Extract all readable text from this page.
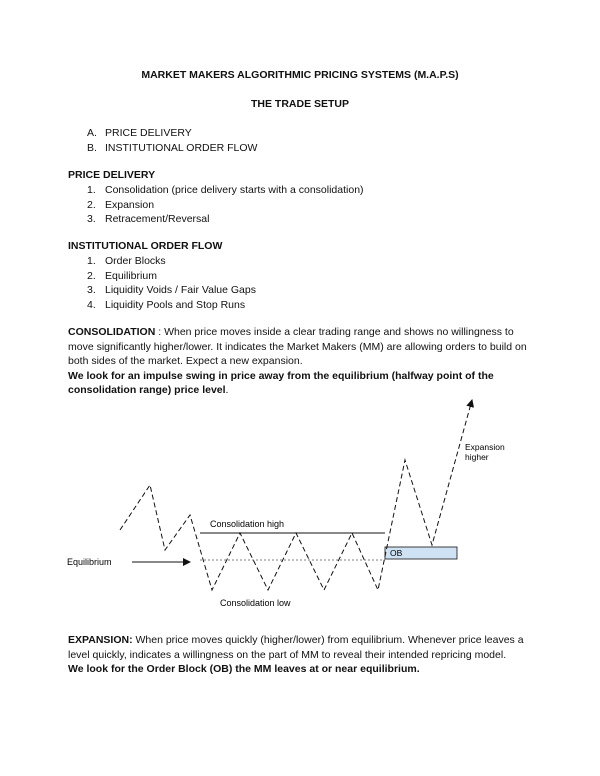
MARKET MAKERS ALGORITHMIC PRICING SYSTEMS (M.A.P.S)
THE TRADE SETUP
A. PRICE DELIVERY
B. INSTITUTIONAL ORDER FLOW
PRICE DELIVERY
1. Consolidation (price delivery starts with a consolidation)
2. Expansion
3. Retracement/Reversal
INSTITUTIONAL ORDER FLOW
1. Order Blocks
2. Equilibrium
3. Liquidity Voids / Fair Value Gaps
4. Liquidity Pools and Stop Runs
CONSOLIDATION : When price moves inside a clear trading range and shows no willingness to move significantly higher/lower. It indicates the Market Makers (MM) are allowing orders to build on both sides of the market. Expect a new expansion.
We look for an impulse swing in price away from the equilibrium (halfway point of the consolidation range) price level.
Consolidation high
Consolidation low
Equilibrium
OB
Expansion
higher
EXPANSION: When price moves quickly (higher/lower) from equilibrium. Whenever price leaves a level quickly, indicates a willingness on the part of MM to reveal their intended repricing model.
We look for the Order Block (OB) the MM leaves at or near equilibrium.
